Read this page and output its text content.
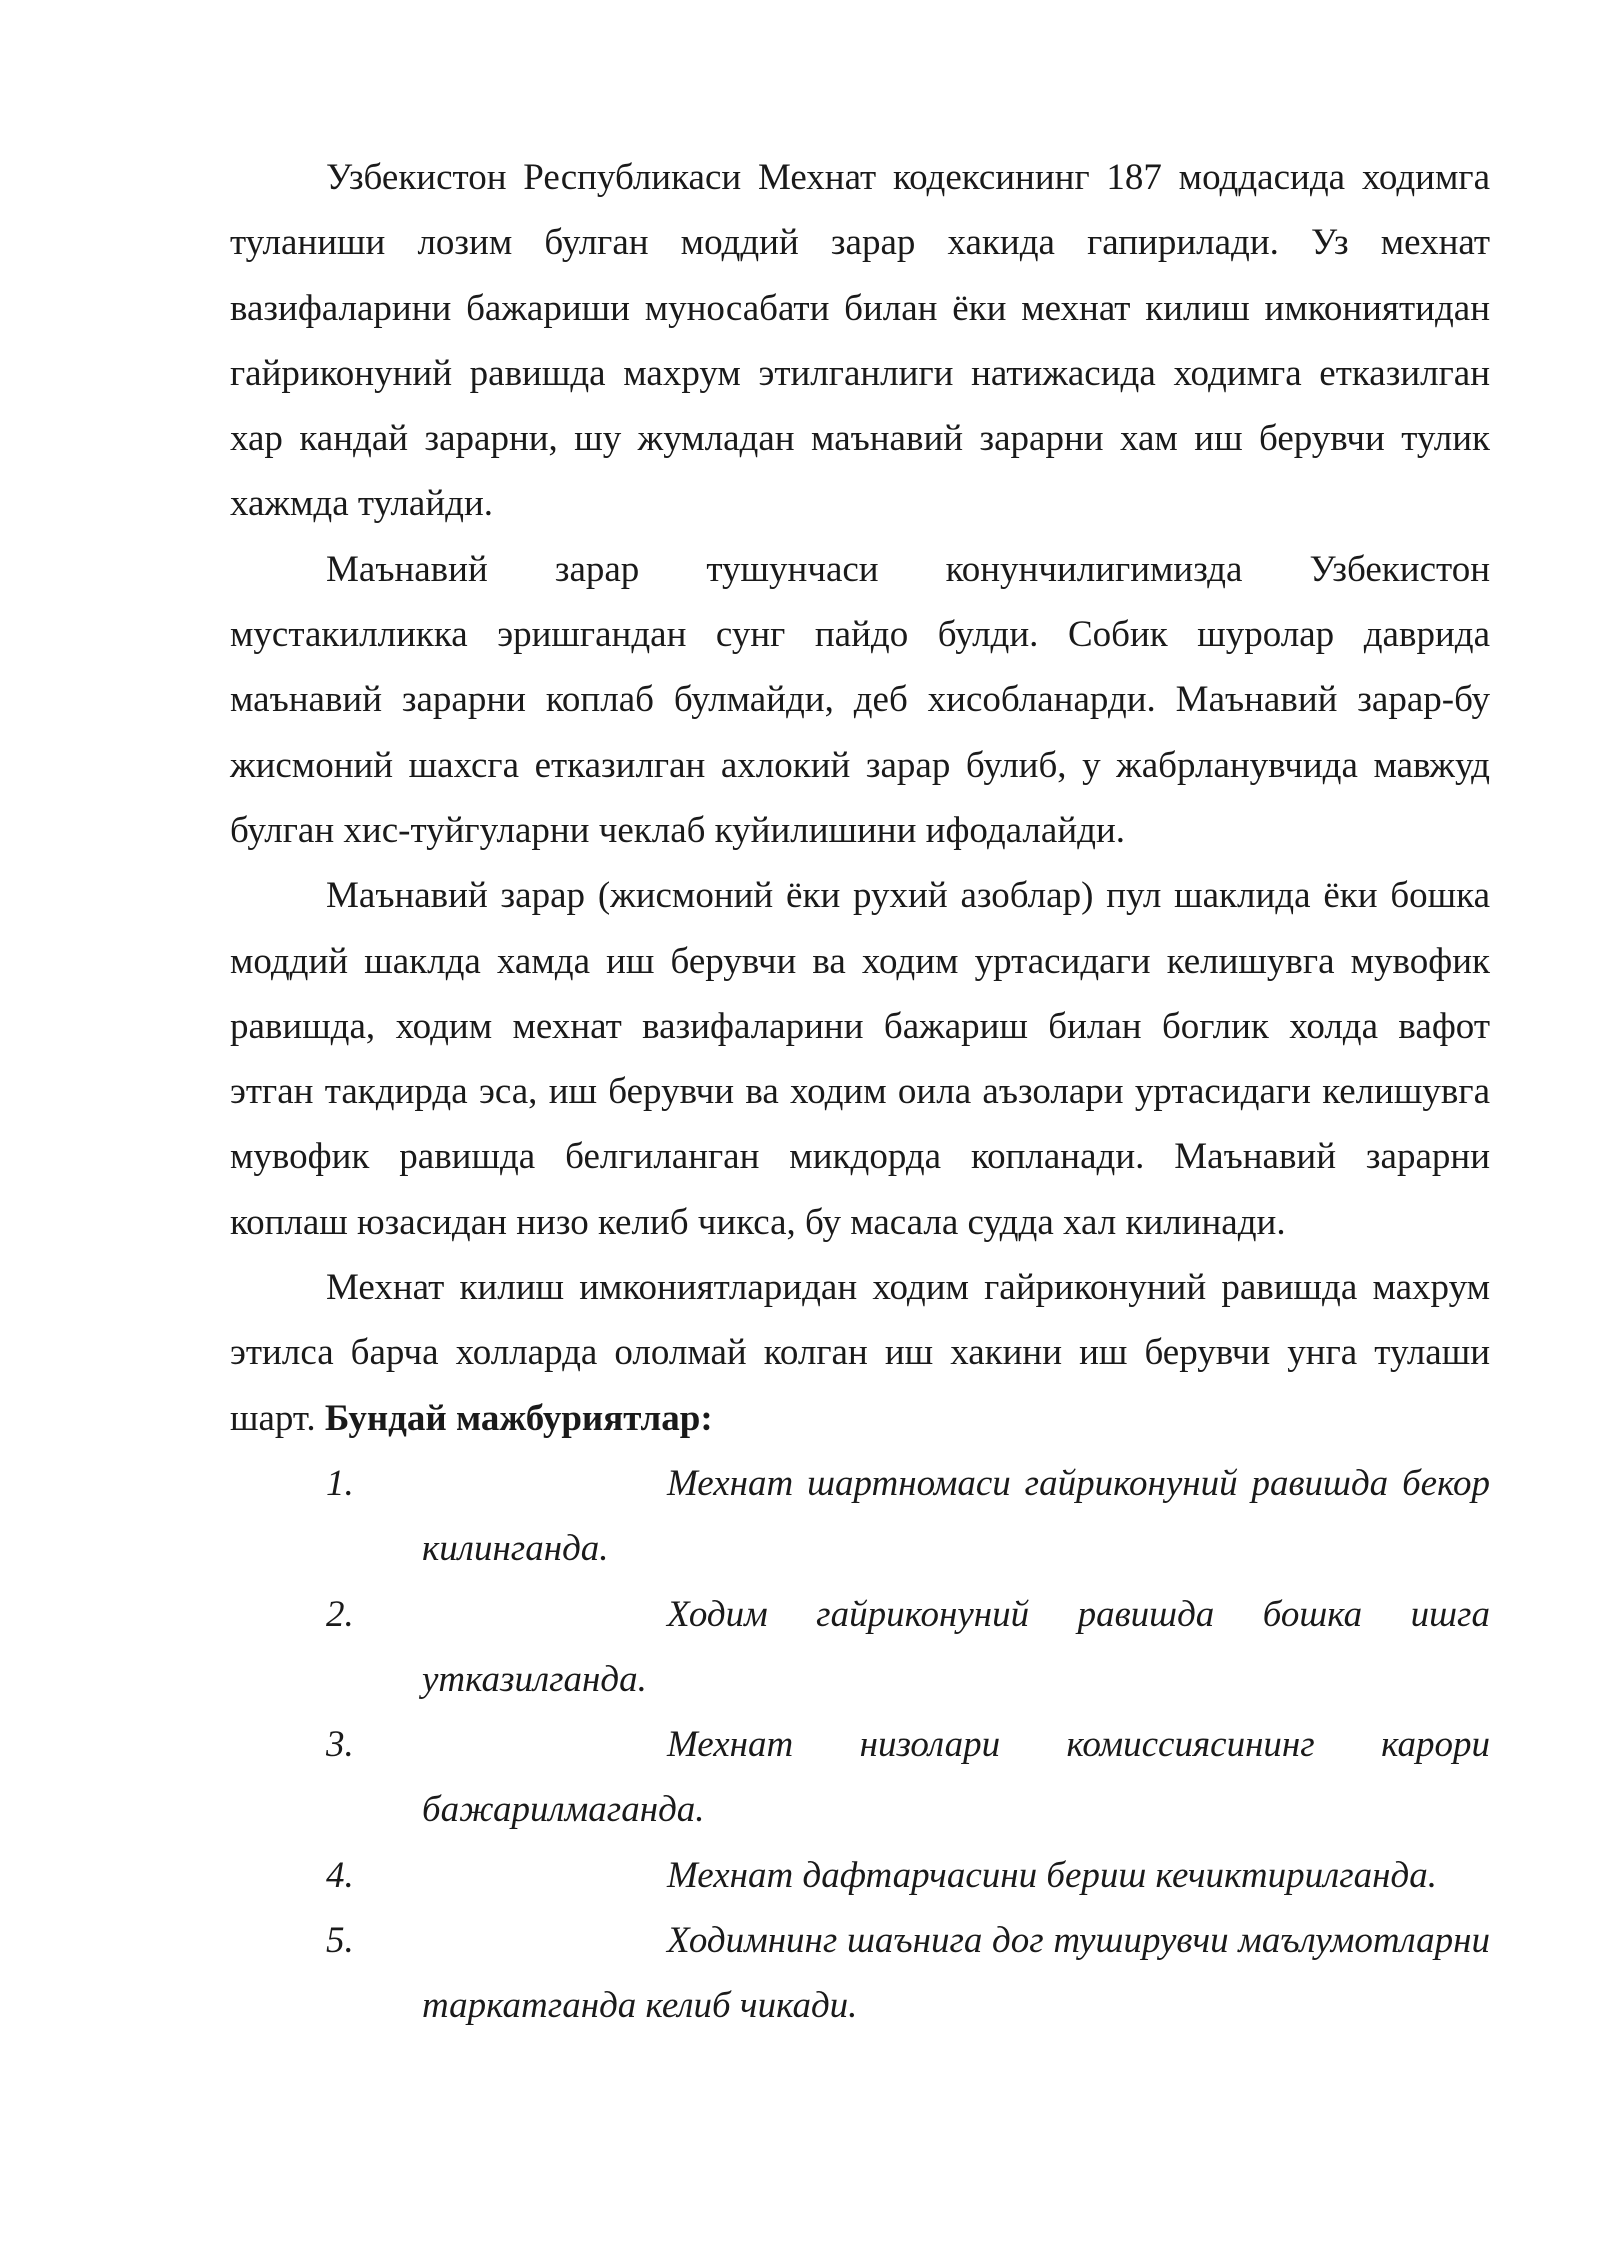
Узбекистон Республикаси Мехнат кодексининг 187 моддасида ходимга туланиши лозим булган моддий зарар хакида гапирилади. Уз мехнат вазифаларини бажариши муносабати билан ёки мехнат килиш имкониятидан гайриконуний равишда махрум этилганлиги натижасида ходимга етказилган хар кандай зарарни, шу жумладан маънавий зарарни хам иш берувчи тулик хажмда тулайди.

Маънавий зарар тушунчаси конунчилигимизда Узбекистон мустакилликка эришгандан сунг пайдо булди. Собик шуролар даврида маънавий зарарни коплаб булмайди, деб хисобланарди. Маънавий зарар-бу жисмоний шахсга етказилган ахлокий зарар булиб, у жабрланувчида мавжуд булган хис-туйгуларни чеклаб куйилишини ифодалайди.

Маънавий зарар (жисмоний ёки рухий азоблар) пул шаклида ёки бошка моддий шаклда хамда иш берувчи ва ходим уртасидаги келишувга мувофик равишда, ходим мехнат вазифаларини бажариш билан боглик холда вафот этган такдирда эса, иш берувчи ва ходим оила аъзолари уртасидаги келишувга мувофик равишда белгиланган микдорда копланади. Маънавий зарарни коплаш юзасидан низо келиб чикса, бу масала судда хал килинади.

Мехнат килиш имкониятларидан ходим гайриконуний равишда махрум этилса барча холларда ололмай колган иш хакини иш берувчи унга тулаши шарт. Бундай мажбуриятлар:

1.	Мехнат шартномаси гайриконуний равишда бекор килинганда.
2.	Ходим гайриконуний равишда бошка ишга утказилганда.
3.	Мехнат низолари комиссиясининг карори бажарилмаганда.
4.	Мехнат дафтарчасини бериш кечиктирилганда.
5.	Ходимнинг шаънига дог туширувчи маълумотларни таркатганда келиб чикади.
